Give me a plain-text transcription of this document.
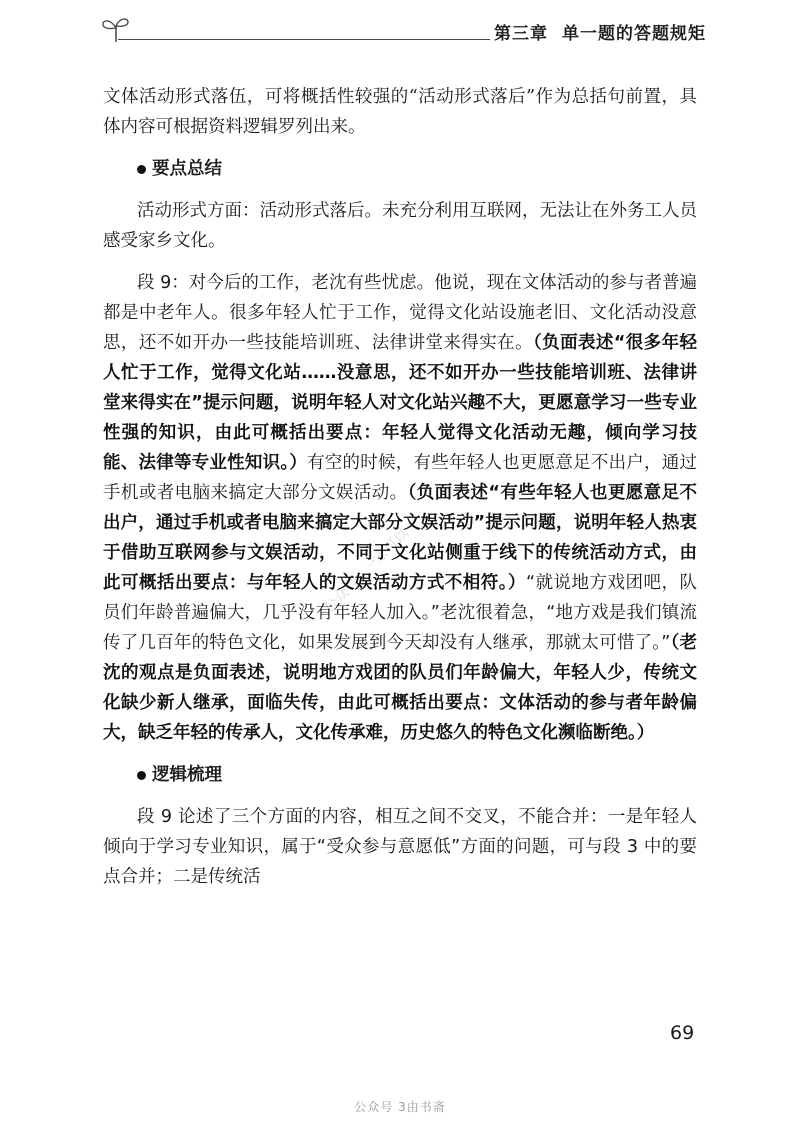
第三章 单一题的答题规矩
公众号：一家可以

文体活动形式落伍，可将概括性较强的“活动形式落后”作为总括句前置，具体内容可根据资料逻辑罗列出来。

要点总结

活动形式方面：活动形式落后。未充分利用互联网，无法让在外务工人员感受家乡文化。

段 9：对今后的工作，老沈有些忧虑。他说，现在文体活动的参与者普遍都是中老年人。很多年轻人忙于工作，觉得文化站设施老旧、文化活动没意思，还不如开办一些技能培训班、法律讲堂来得实在。（负面表述“很多年轻人忙于工作，觉得文化站……没意思，还不如开办一些技能培训班、法律讲堂来得实在”提示问题，说明年轻人对文化站兴趣不大，更愿意学习一些专业性强的知识，由此可概括出要点：年轻人觉得文化活动无趣，倾向学习技能、法律等专业性知识。）有空的时候，有些年轻人也更愿意足不出户，通过手机或者电脑来搞定大部分文娱活动。（负面表述“有些年轻人也更愿意足不出户，通过手机或者电脑来搞定大部分文娱活动”提示问题，说明年轻人热衷于借助互联网参与文娱活动，不同于文化站侧重于线下的传统活动方式，由此可概括出要点：与年轻人的文娱活动方式不相符。）“就说地方戏团吧，队员们年龄普遍偏大，几乎没有年轻人加入。”老沈很着急，“地方戏是我们镇流传了几百年的特色文化，如果发展到今天却没有人继承，那就太可惜了。”（老沈的观点是负面表述，说明地方戏团的队员们年龄偏大，年轻人少，传统文化缺少新人继承，面临失传，由此可概括出要点：文体活动的参与者年龄偏大，缺乏年轻的传承人，文化传承难，历史悠久的特色文化濒临断绝。）

逻辑梳理

段 9 论述了三个方面的内容，相互之间不交叉，不能合并：一是年轻人倾向于学习专业知识，属于“受众参与意愿低”方面的问题，可与段 3 中的要点合并；二是传统活

69
公众号 3由书斋
